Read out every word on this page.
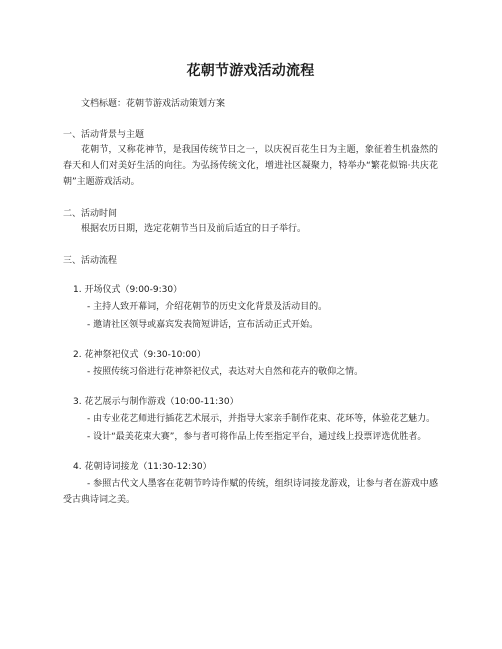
花朝节游戏活动流程
文档标题：花朝节游戏活动策划方案
一、活动背景与主题

花朝节，又称花神节，是我国传统节日之一，以庆祝百花生日为主题，象征着生机盎然的春天和人们对美好生活的向往。为弘扬传统文化，增进社区凝聚力，特举办“繁花似锦·共庆花朝”主题游戏活动。

二、活动时间

根据农历日期，选定花朝节当日及前后适宜的日子举行。

三、活动流程
1. 开场仪式（9:00-9:30）

- 主持人致开幕词，介绍花朝节的历史文化背景及活动目的。

- 邀请社区领导或嘉宾发表简短讲话，宣布活动正式开始。

2. 花神祭祀仪式（9:30-10:00）

- 按照传统习俗进行花神祭祀仪式，表达对大自然和花卉的敬仰之情。

3. 花艺展示与制作游戏（10:00-11:30）

- 由专业花艺师进行插花艺术展示，并指导大家亲手制作花束、花环等，体验花艺魅力。

- 设计“最美花束大赛”，参与者可将作品上传至指定平台，通过线上投票评选优胜者。

4. 花朝诗词接龙（11:30-12:30）

- 参照古代文人墨客在花朝节吟诗作赋的传统，组织诗词接龙游戏，让参与者在游戏中感受古典诗词之美。
